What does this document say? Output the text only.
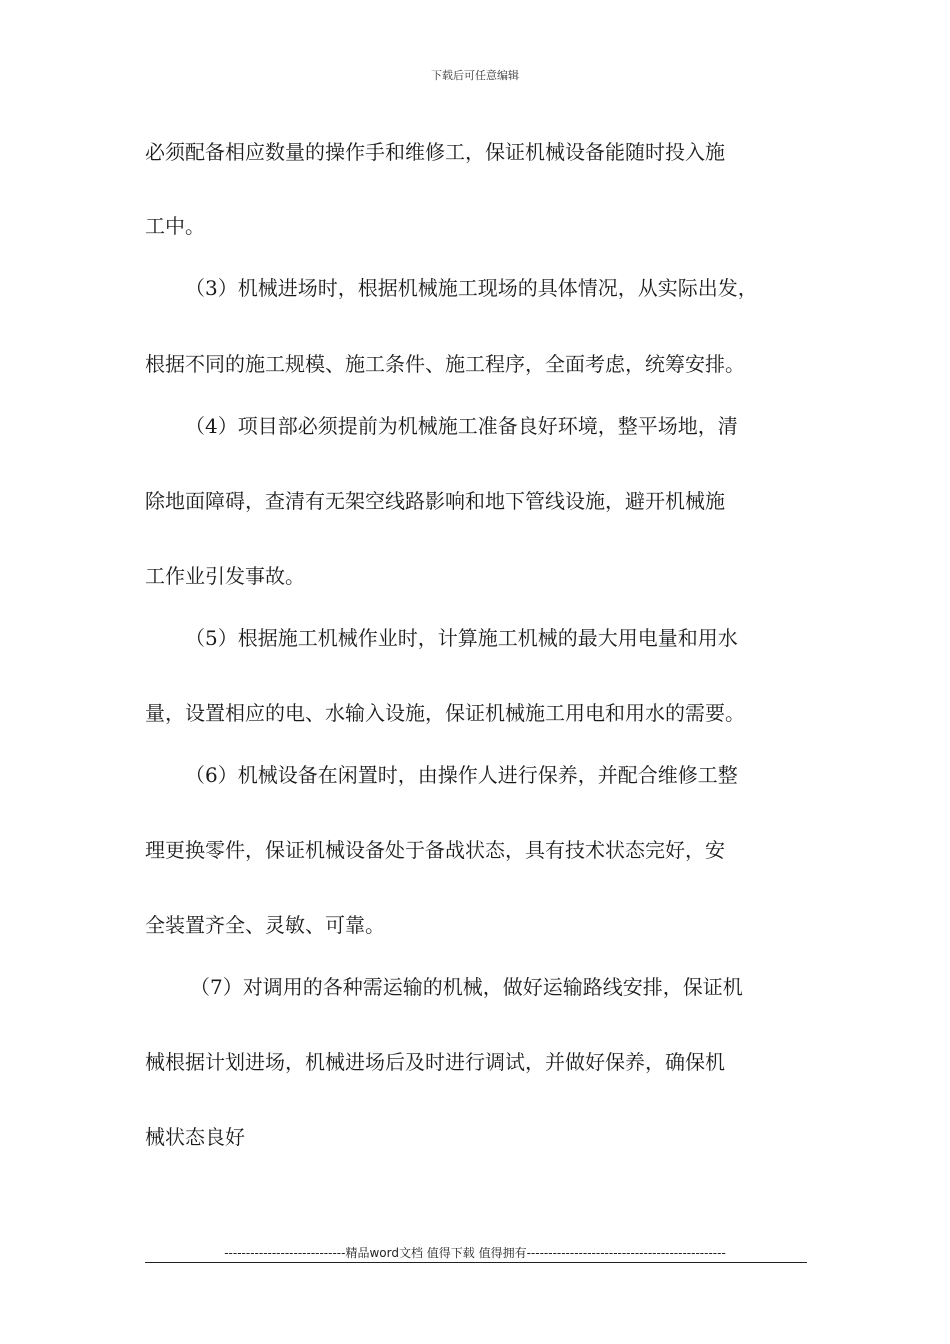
下载后可任意编辑
必须配备相应数量的操作手和维修工，保证机械设备能随时投入施
工中。
（3）机械进场时，根据机械施工现场的具体情况，从实际出发，
根据不同的施工规模、施工条件、施工程序，全面考虑，统筹安排。
（4）项目部必须提前为机械施工准备良好环境，整平场地，清
除地面障碍，查清有无架空线路影响和地下管线设施，避开机械施
工作业引发事故。
（5）根据施工机械作业时，计算施工机械的最大用电量和用水
量，设置相应的电、水输入设施，保证机械施工用电和用水的需要。
（6）机械设备在闲置时，由操作人进行保养，并配合维修工整
理更换零件，保证机械设备处于备战状态，具有技术状态完好，安
全装置齐全、灵敏、可靠。
（7）对调用的各种需运输的机械，做好运输路线安排，保证机
械根据计划进场，机械进场后及时进行调试，并做好保养，确保机
械状态良好
----------------------------精品word文档 值得下载 值得拥有----------------------------------------------
